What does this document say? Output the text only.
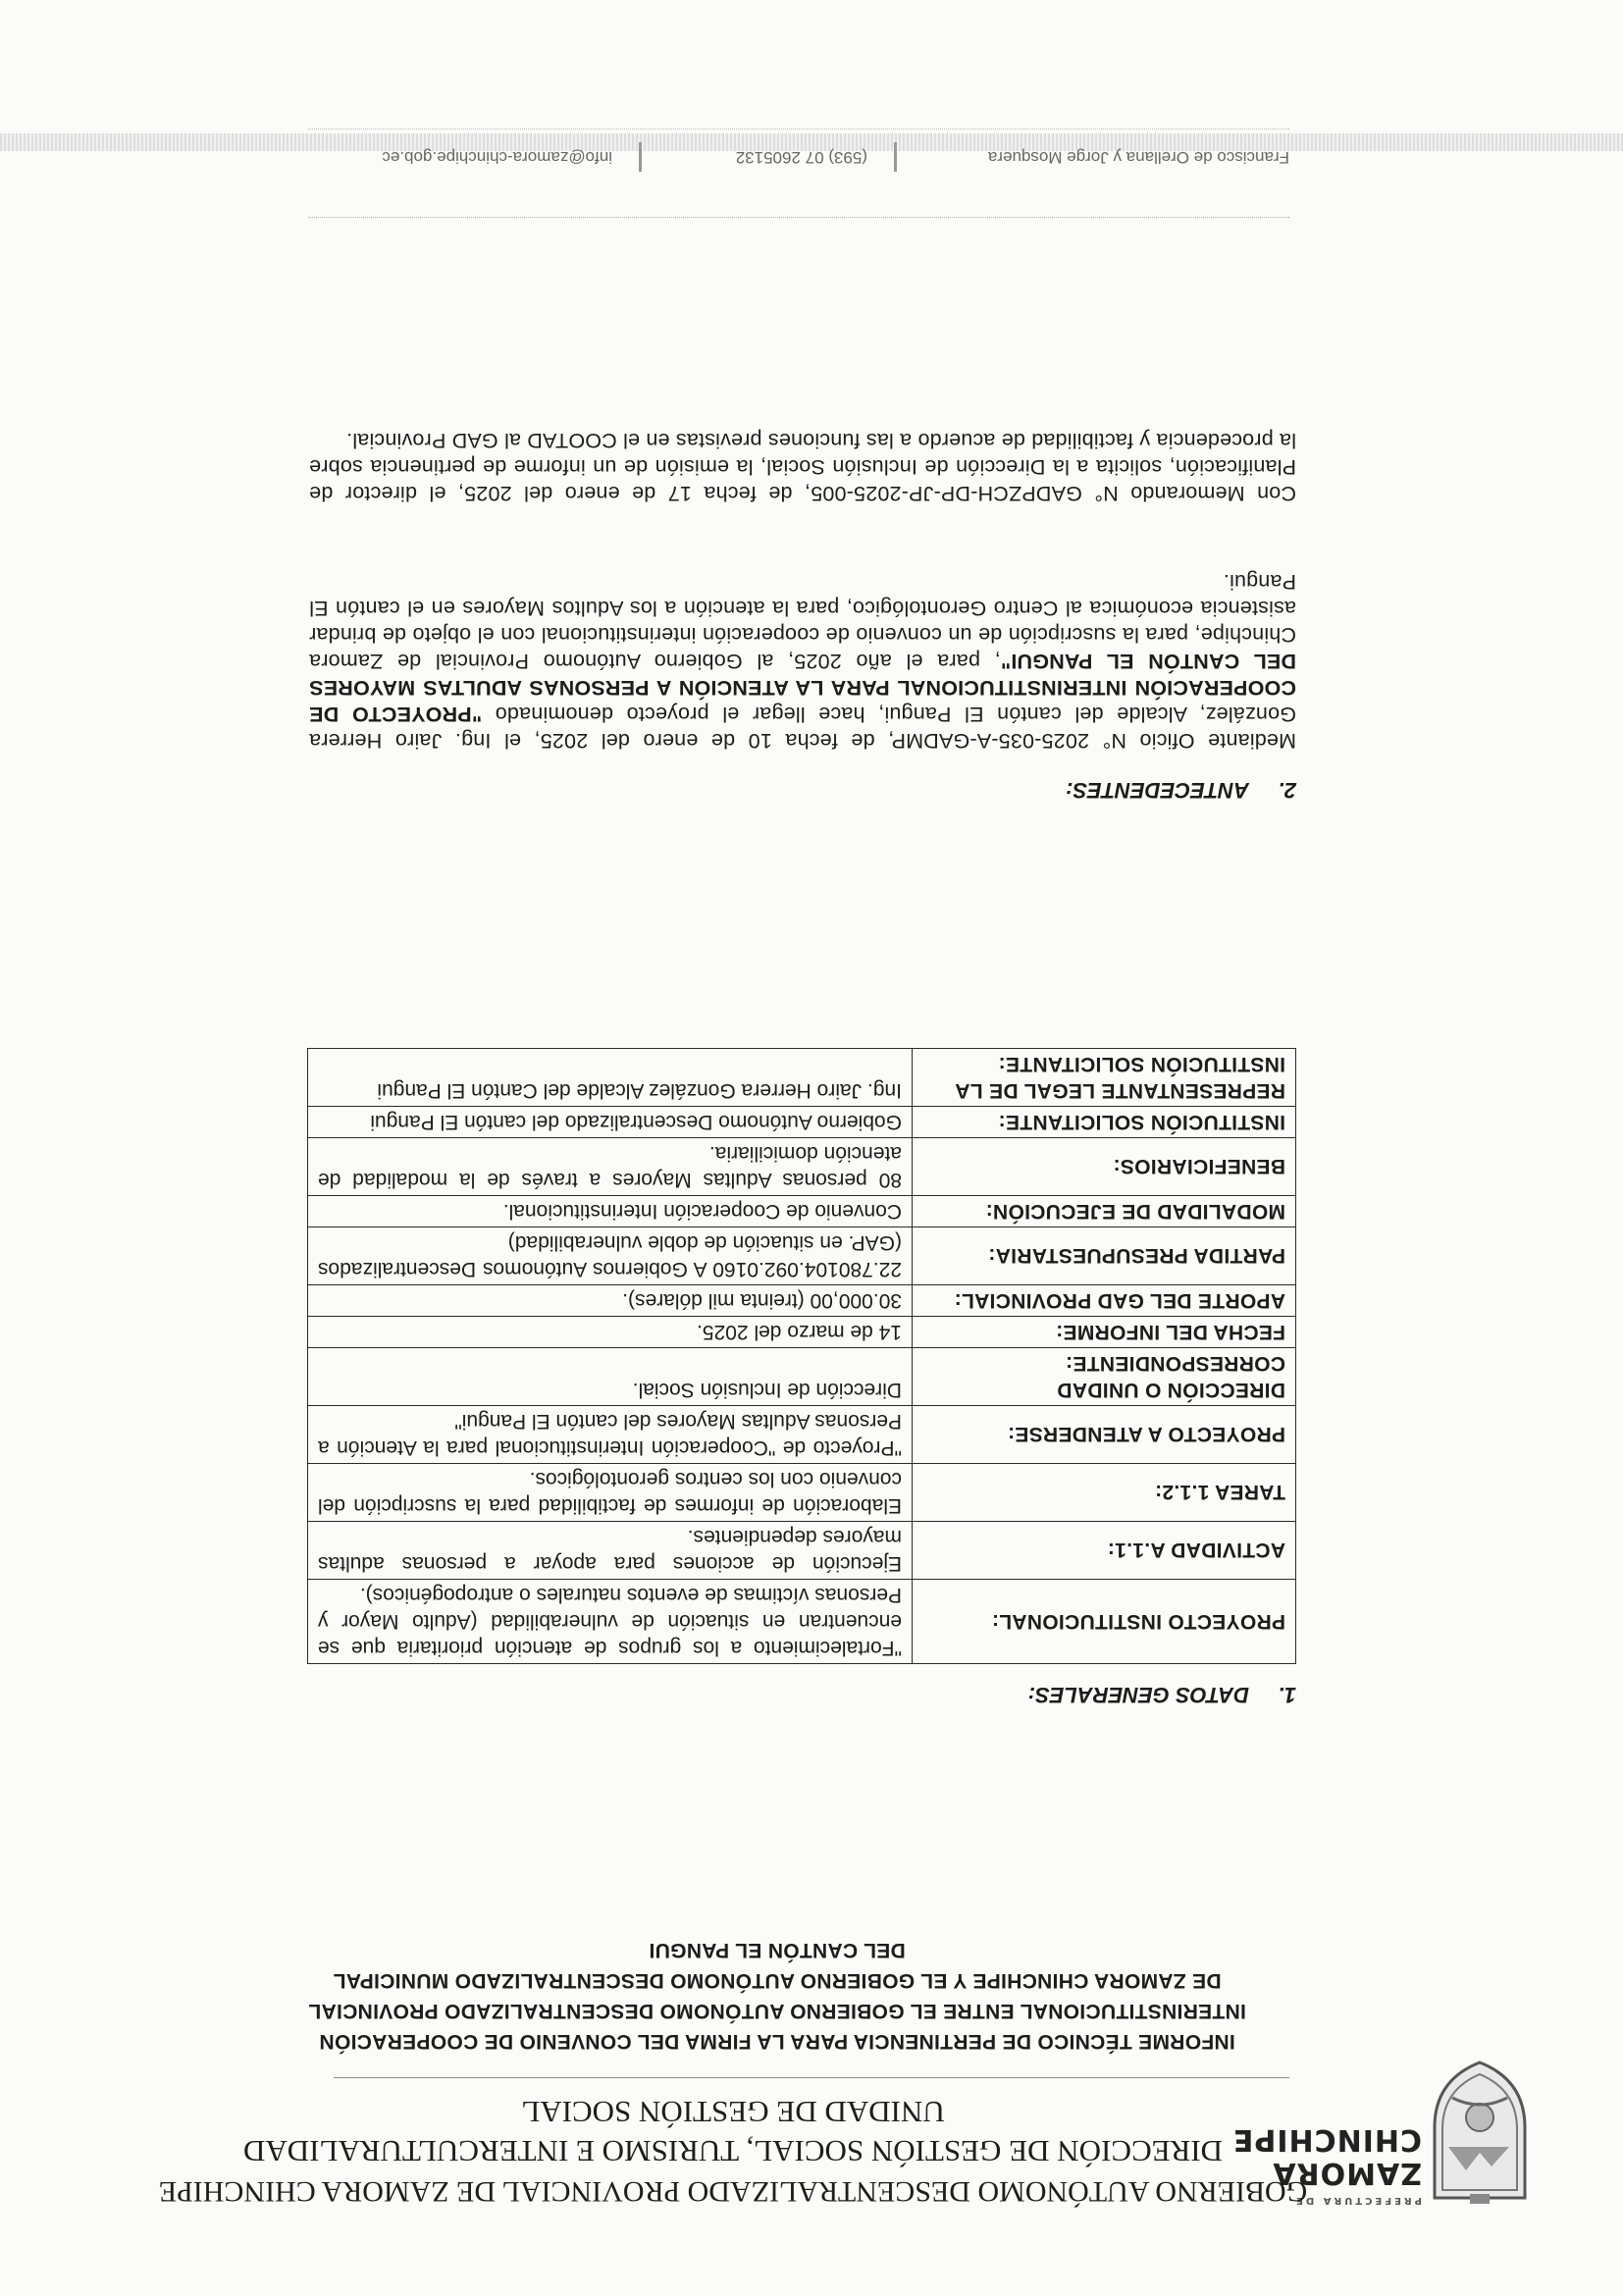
PREFECTURA DE
ZAMORA
CHINCHIPE
GOBIERNO AUTÓNOMO DESCENTRALIZADO PROVINCIAL DE ZAMORA CHINCHIPE
DIRECCIÓN DE GESTIÓN SOCIAL, TURISMO E INTERCULTURALIDAD
UNIDAD DE GESTIÓN SOCIAL
INFORME TÉCNICO DE PERTINENCIA PARA LA FIRMA DEL CONVENIO DE COOPERACIÓN
INTERINSTITUCIONAL ENTRE EL GOBIERNO AUTÓNOMO DESCENTRALIZADO PROVINCIAL
DE ZAMORA CHINCHIPE Y EL GOBIERNO AUTÓNOMO DESCENTRALIZADO MUNICIPAL
DEL CANTÓN EL PANGUI
1.DATOS GENERALES:
PROYECTO INSTITUCIONAL:	"Fortalecimiento a los grupos de atención prioritaria que se encuentran en situación de vulnerabilidad (Adulto Mayor y Personas víctimas de eventos naturales o antropogénicos).
ACTIVIDAD A.1.1:	Ejecución de acciones para apoyar a personas adultas mayores dependientes.
TAREA 1.1.2:	Elaboración de informes de factibilidad para la suscripción del convenio con los centros gerontológicos.
PROYECTO A ATENDERSE:	"Proyecto de "Cooperación Interinstitucional para la Atención a Personas Adultas Mayores del cantón El Pangui"
DIRECCIÓN O UNIDAD CORRESPONDIENTE:	Dirección de Inclusión Social.
FECHA DEL INFORME:	14 de marzo del 2025.
APORTE DEL GAD PROVINCIAL:	30.000,00 (treinta mil dólares).
PARTIDA PRESUPUESTARIA:	22.780104.092.0160 A Gobiernos Autónomos Descentralizados (GAP. en situación de doble vulnerabilidad)
MODALIDAD DE EJECUCIÓN:	Convenio de Cooperación Interinstitucional.
BENEFICIARIOS:	80 personas Adultas Mayores a través de la modalidad de atención domiciliaria.
INSTITUCIÓN SOLICITANTE:	Gobierno Autónomo Descentralizado del cantón El Pangui
REPRESENTANTE LEGAL DE LA INSTITUCIÓN SOLICITANTE:	Ing. Jairo Herrera González Alcalde del Cantón El Pangui
2.ANTECEDENTES:
Mediante Oficio N° 2025-035-A-GADMP, de fecha 10 de enero del 2025, el Ing. Jairo Herrera González, Alcalde del cantón El Pangui, hace llegar el proyecto denominado "PROYECTO DE COOPERACIÓN INTERINSTITUCIONAL PARA LA ATENCIÓN A PERSONAS ADULTAS MAYORES DEL CANTÓN EL PANGUI", para el año 2025, al Gobierno Autónomo Provincial de Zamora Chinchipe, para la suscripción de un convenio de cooperación interinstitucional con el objeto de brindar asistencia económica al Centro Gerontológico, para la atención a los Adultos Mayores en el cantón El Pangui.
Con Memorando N° GADPZCH-DP-JP-2025-005, de fecha 17 de enero del 2025, el director de Planificación, solicita a la Dirección de Inclusión Social, la emisión de un informe de pertinencia sobre la procedencia y factibilidad de acuerdo a las funciones previstas en el COOTAD al GAD Provincial.
Francisco de Orellana y Jorge Mosquera
(593) 07 2605132
info@zamora-chinchipe.gob.ec
